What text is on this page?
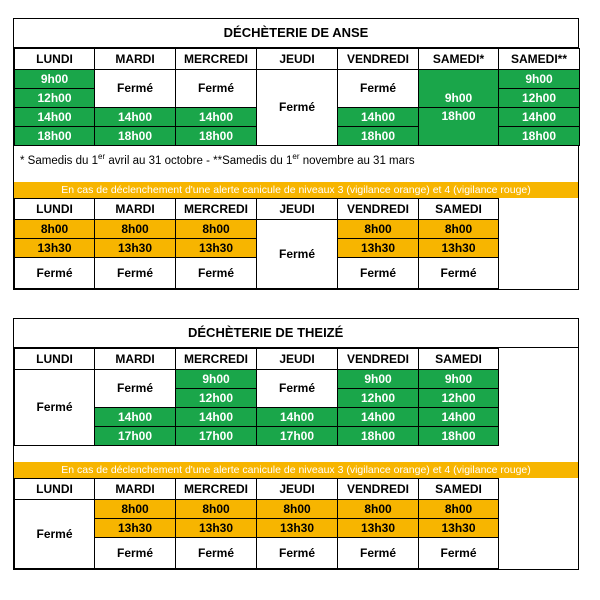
DÉCHÈTERIE DE ANSE
LUNDI	MARDI	MERCREDI	JEUDI	VENDREDI	SAMEDI*	SAMEDI**
9h00	Fermé	Fermé	Fermé	Fermé	9h00	9h00
12h00						12h00
14h00	14h00	14h00		14h00	18h00	14h00
18h00	18h00	18h00		18h00		18h00
* Samedis du 1er avril au 31 octobre - **Samedis du 1er novembre au 31 mars
En cas de déclenchement d'une alerte canicule de niveaux 3 (vigilance orange) et 4 (vigilance rouge)
LUNDI	MARDI	MERCREDI	JEUDI	VENDREDI	SAMEDI
8h00	8h00	8h00	Fermé	8h00	8h00
13h30	13h30	13h30		13h30	13h30
Fermé	Fermé	Fermé		Fermé	Fermé
DÉCHÈTERIE DE THEIZÉ
LUNDI	MARDI	MERCREDI	JEUDI	VENDREDI	SAMEDI
Fermé	Fermé	9h00	Fermé	9h00	9h00
		12h00		12h00	12h00
	14h00	14h00	14h00	14h00	14h00
	17h00	17h00	17h00	18h00	18h00
En cas de déclenchement d'une alerte canicule de niveaux 3 (vigilance orange) et 4 (vigilance rouge)
LUNDI	MARDI	MERCREDI	JEUDI	VENDREDI	SAMEDI
Fermé	8h00	8h00	8h00	8h00	8h00
	13h30	13h30	13h30	13h30	13h30
	Fermé	Fermé	Fermé	Fermé	Fermé
